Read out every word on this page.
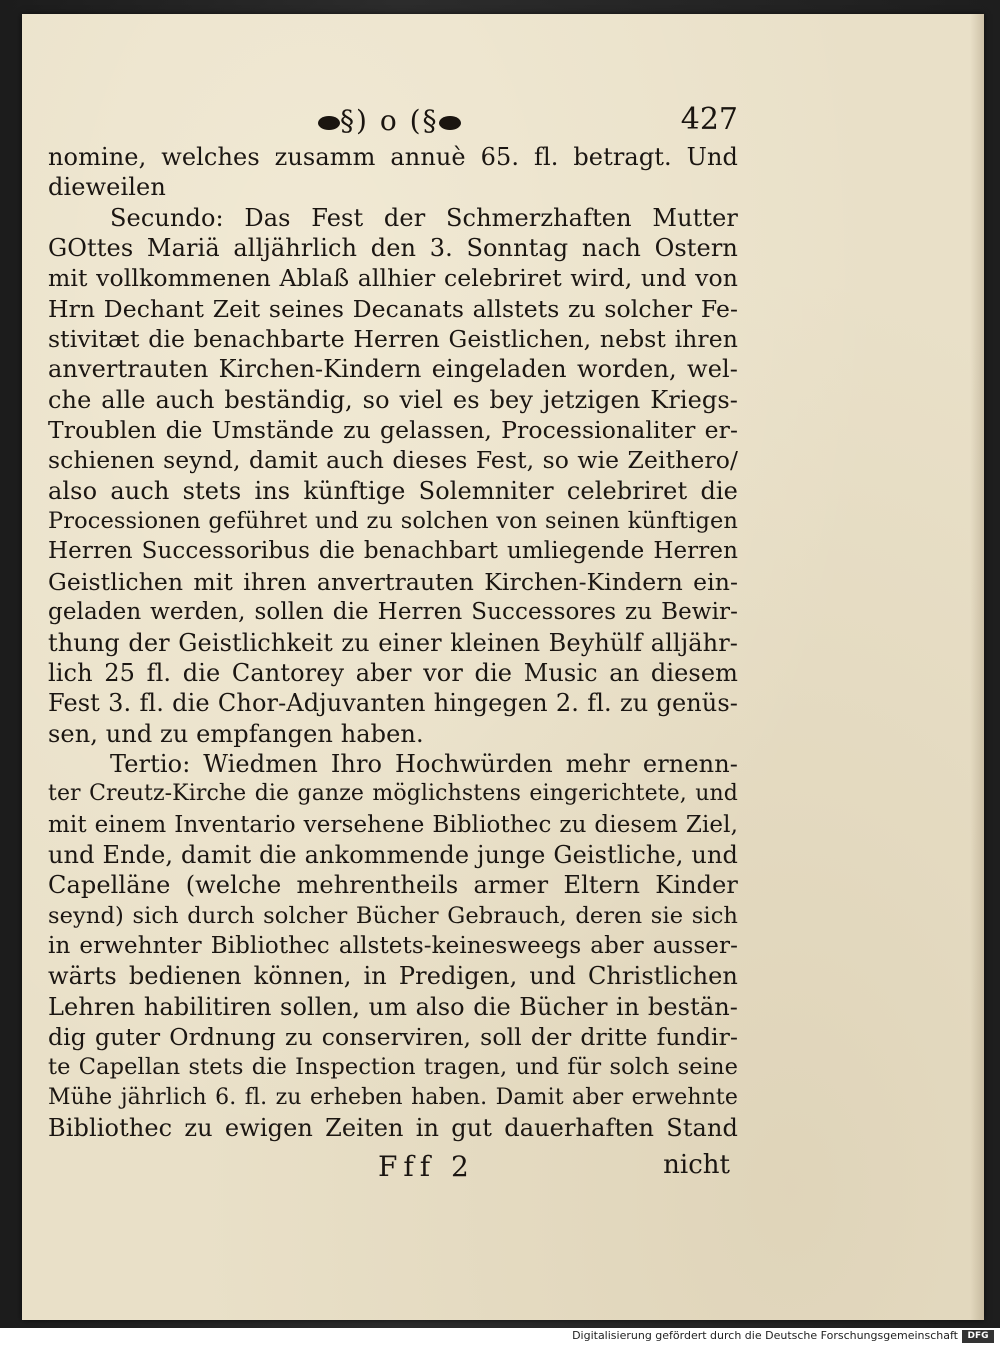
§) o (§	427
nomine, welches zusamm annuè 65. fl. betragt. Und
dieweilen
Secundo: Das Fest der Schmerzhaften Mutter
GOttes Mariä alljährlich den 3. Sonntag nach Ostern
mit vollkommenen Ablaß allhier celebriret wird, und von
Hrn Dechant Zeit seines Decanats allstets zu solcher Fe-
stivitæt die benachbarte Herren Geistlichen, nebst ihren
anvertrauten Kirchen-Kindern eingeladen worden, wel-
che alle auch beständig, so viel es bey jetzigen Kriegs-
Troublen die Umstände zu gelassen, Processionaliter er-
schienen seynd, damit auch dieses Fest, so wie Zeithero/
also auch stets ins künftige Solemniter celebriret die
Processionen geführet und zu solchen von seinen künftigen
Herren Successoribus die benachbart umliegende Herren
Geistlichen mit ihren anvertrauten Kirchen-Kindern ein-
geladen werden, sollen die Herren Successores zu Bewir-
thung der Geistlichkeit zu einer kleinen Beyhülf alljähr-
lich 25 fl. die Cantorey aber vor die Music an diesem
Fest 3. fl. die Chor-Adjuvanten hingegen 2. fl. zu genüs-
sen, und zu empfangen haben.
Tertio: Wiedmen Ihro Hochwürden mehr ernenn-
ter Creutz-Kirche die ganze möglichstens eingerichtete, und
mit einem Inventario versehene Bibliothec zu diesem Ziel,
und Ende, damit die ankommende junge Geistliche, und
Capelläne (welche mehrentheils armer Eltern Kinder
seynd) sich durch solcher Bücher Gebrauch, deren sie sich
in erwehnter Bibliothec allstets-keinesweegs aber ausser-
wärts bedienen können, in Predigen, und Christlichen
Lehren habilitiren sollen, um also die Bücher in bestän-
dig guter Ordnung zu conserviren, soll der dritte fundir-
te Capellan stets die Inspection tragen, und für solch seine
Mühe jährlich 6. fl. zu erheben haben. Damit aber erwehnte
Bibliothec zu ewigen Zeiten in gut dauerhaften Stand
Fff 2	nicht
Digitalisierung gefördert durch die Deutsche Forschungsgemeinschaft	DFG
